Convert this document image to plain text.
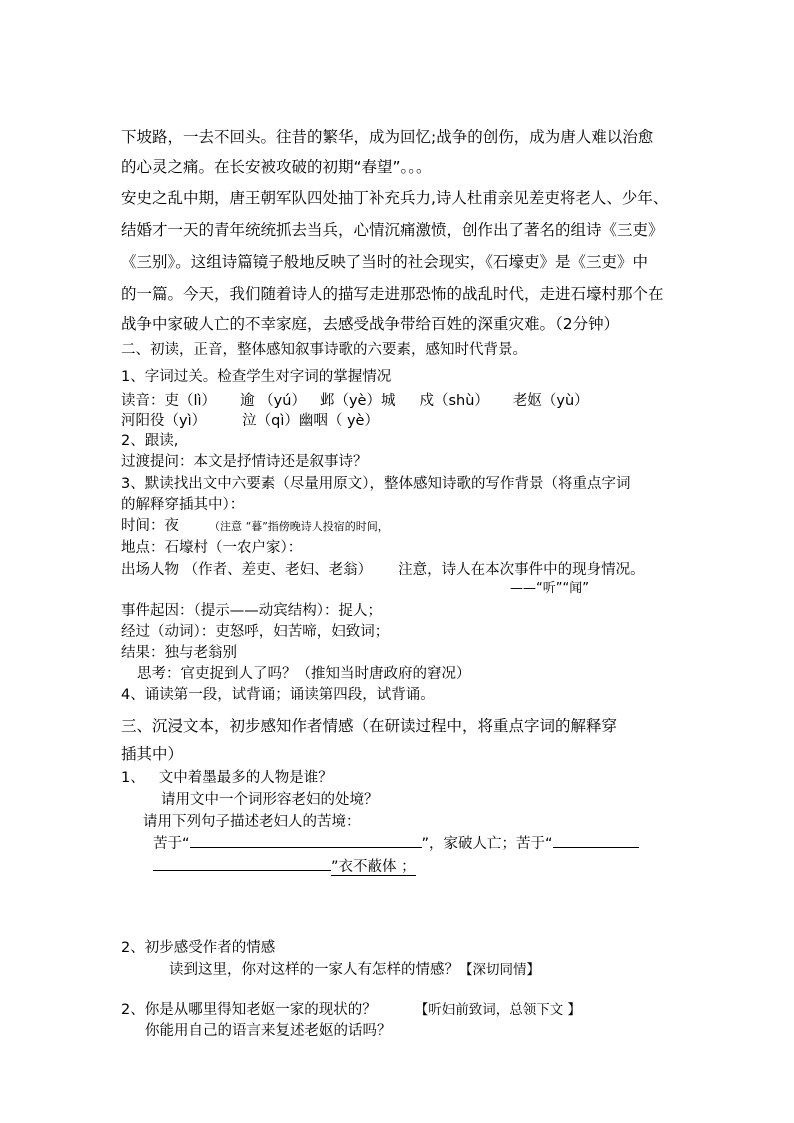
下坡路，一去不回头。往昔的繁华，成为回忆;战争的创伤，成为唐人难以治愈
的心灵之痛。在长安被攻破的初期“春望”。。。
安史之乱中期，唐王朝军队四处抽丁补充兵力,诗人杜甫亲见差吏将老人、少年、
结婚才一天的青年统统抓去当兵，心情沉痛激愤，创作出了著名的组诗《三吏》
《三别》。这组诗篇镜子般地反映了当时的社会现实，《石壕吏》是《三吏》中
的一篇。今天，我们随着诗人的描写走进那恐怖的战乱时代，走进石壕村那个在
战争中家破人亡的不幸家庭，去感受战争带给百姓的深重灾难。（2分钟）
二、初读，正音，整体感知叙事诗歌的六要素，感知时代背景。
1、字词过关。检查学生对字词的掌握情况
读音：吏（lì） 逾 （yú） 邺（yè）城 戍（shù） 老妪（yù）
河阳役（yì） 泣（qì）幽咽（ yè）
2、跟读,
过渡提问：本文是抒情诗还是叙事诗？
3、默读找出文中六要素（尽量用原文），整体感知诗歌的写作背景（将重点字词
的解释穿插其中）：
时间：夜	（注意 “暮”指傍晚诗人投宿的时间，
地点：石壕村（一农户家）：
出场人物 （作者、差吏、老妇、老翁） 注意，诗人在本次事件中的现身情况。
——“听”“闻”
事件起因：（提示——动宾结构）：捉人；
经过（动词）：吏怒呼，妇苦啼，妇致词；
结果：独与老翁别
思考：官吏捉到人了吗？（推知当时唐政府的窘况）
4、诵读第一段，试背诵；诵读第四段，试背诵。
三、沉浸文本，初步感知作者情感（在研读过程中，将重点字词的解释穿
插其中）
1、 文中着墨最多的人物是谁？
请用文中一个词形容老妇的处境？
请用下列句子描述老妇人的苦境：
苦于“	”，家破人亡；苦于“
”衣不蔽体 ；
2、初步感受作者的情感
读到这里，你对这样的一家人有怎样的情感？【深切同情】
2、你是从哪里得知老妪一家的现状的？	【听妇前致词，总领下文 】
你能用自己的语言来复述老妪的话吗？
